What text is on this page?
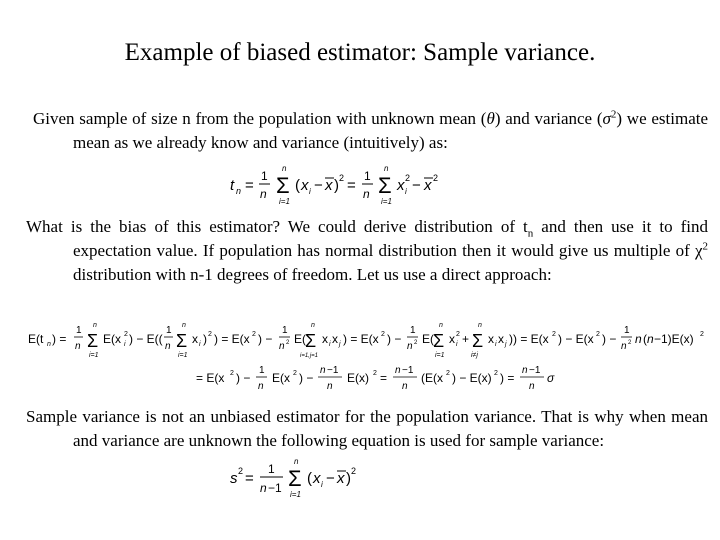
Example of biased estimator: Sample variance.
Given sample of size n from the population with unknown mean (θ) and variance $(\sigma^2)$ we estimate mean as we already know and variance (intuitively) as:
t n =
1
n
n
Σ
i=1
( x i − x ) 2 =
1
n
n
Σ
i=1
x 2
i − x 2
What is the bias of this estimator? We could derive distribution of $t_n$ and then use it to find expectation value. If population has normal distribution then it would give us multiple of $\chi^2$ distribution with n-1 degrees of freedom. Let us use a direct approach:
E(t n ) =
1
n
n
Σ
i=1
E(x 2
i ) − E((
1
n
n
Σ
i=1
x i ) 2 ) = E(x 2 ) −
1
n 2 E(
n
Σ
i=1,j=1
x i x j ) = E(x 2 ) −
1
n 2 E(
n
Σ
i=1
x 2
i +
n
Σ
i≠j
x i x j )) = E(x 2 ) − E(x 2 ) −
1
n 2 n ( n −1)E(x) 2
= E(x 2 ) −
1
n
E(x 2 ) −
n −1
n
E(x) 2 =
n −1
n
(E(x 2 ) − E(x) 2 ) =
n −1
n
σ
Sample variance is not an unbiased estimator for the population variance. That is why when mean and variance are unknown the following equation is used for sample variance:
s 2 =
1
n −1
n
Σ
i=1
( x i − x ) 2
